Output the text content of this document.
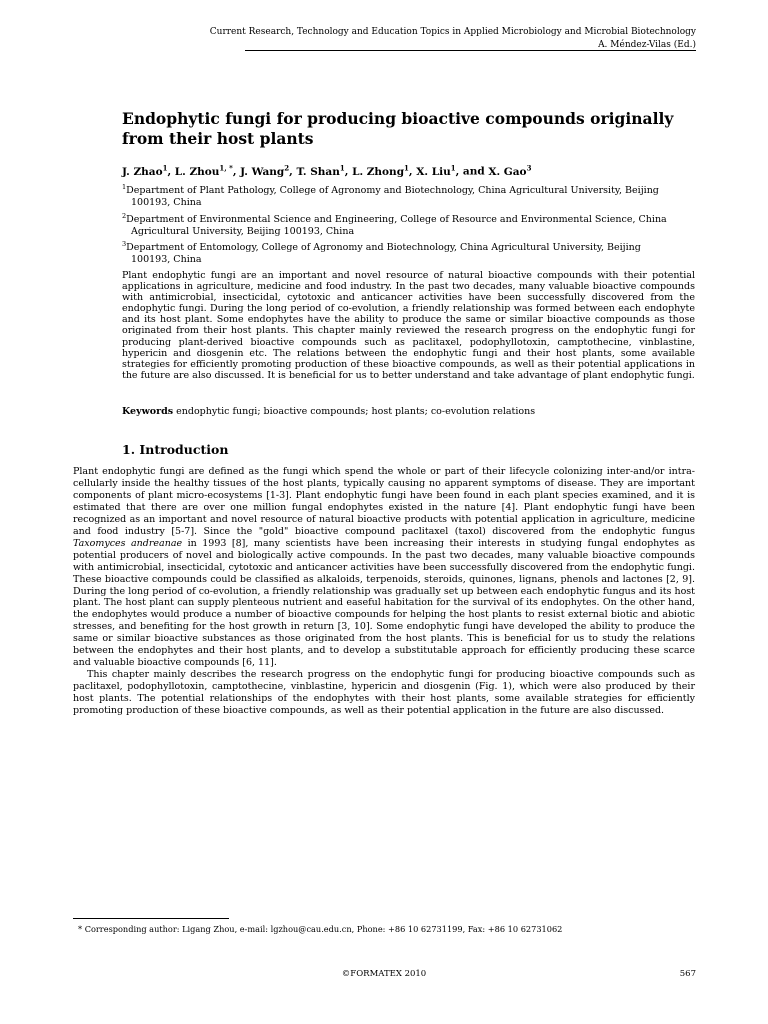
Current Research, Technology and Education Topics in Applied Microbiology and Microbial Biotechnology
A. Méndez-Vilas (Ed.)
Endophytic fungi for producing bioactive compounds originally from their host plants
J. Zhao$^1$, L. Zhou$^{1, *}$, J. Wang$^2$, T. Shan$^1$, L. Zhong$^1$, X. Liu$^1$, and X. Gao$^3$
$^1$Department of Plant Pathology, College of Agronomy and Biotechnology, China Agricultural University, Beijing 100193, China
$^2$Department of Environmental Science and Engineering, College of Resource and Environmental Science, China Agricultural University, Beijing 100193, China
$^3$Department of Entomology, College of Agronomy and Biotechnology, China Agricultural University, Beijing 100193, China
Plant endophytic fungi are an important and novel resource of natural bioactive compounds with their potential applications in agriculture, medicine and food industry. In the past two decades, many valuable bioactive compounds with antimicrobial, insecticidal, cytotoxic and anticancer activities have been successfully discovered from the endophytic fungi. During the long period of co-evolution, a friendly relationship was formed between each endophyte and its host plant. Some endophytes have the ability to produce the same or similar bioactive compounds as those originated from their host plants. This chapter mainly reviewed the research progress on the endophytic fungi for producing plant-derived bioactive compounds such as paclitaxel, podophyllotoxin, camptothecine, vinblastine, hypericin and diosgenin etc. The relations between the endophytic fungi and their host plants, some available strategies for efficiently promoting production of these bioactive compounds, as well as their potential applications in the future are also discussed. It is beneficial for us to better understand and take advantage of plant endophytic fungi.
Keywords endophytic fungi; bioactive compounds; host plants; co-evolution relations
1. Introduction

Plant endophytic fungi are defined as the fungi which spend the whole or part of their lifecycle colonizing inter-and/or intra-cellularly inside the healthy tissues of the host plants, typically causing no apparent symptoms of disease. They are important components of plant micro-ecosystems [1-3]. Plant endophytic fungi have been found in each plant species examined, and it is estimated that there are over one million fungal endophytes existed in the nature [4]. Plant endophytic fungi have been recognized as an important and novel resource of natural bioactive products with potential application in agriculture, medicine and food industry [5-7]. Since the "gold" bioactive compound paclitaxel (taxol) discovered from the endophytic fungus Taxomyces andreanae in 1993 [8], many scientists have been increasing their interests in studying fungal endophytes as potential producers of novel and biologically active compounds. In the past two decades, many valuable bioactive compounds with antimicrobial, insecticidal, cytotoxic and anticancer activities have been successfully discovered from the endophytic fungi. These bioactive compounds could be classified as alkaloids, terpenoids, steroids, quinones, lignans, phenols and lactones [2, 9]. During the long period of co-evolution, a friendly relationship was gradually set up between each endophytic fungus and its host plant. The host plant can supply plenteous nutrient and easeful habitation for the survival of its endophytes. On the other hand, the endophytes would produce a number of bioactive compounds for helping the host plants to resist external biotic and abiotic stresses, and benefiting for the host growth in return [3, 10]. Some endophytic fungi have developed the ability to produce the same or similar bioactive substances as those originated from the host plants. This is beneficial for us to study the relations between the endophytes and their host plants, and to develop a substitutable approach for efficiently producing these scarce and valuable bioactive compounds [6, 11].

This chapter mainly describes the research progress on the endophytic fungi for producing bioactive compounds such as paclitaxel, podophyllotoxin, camptothecine, vinblastine, hypericin and diosgenin (Fig. 1), which were also produced by their host plants. The potential relationships of the endophytes with their host plants, some available strategies for efficiently promoting production of these bioactive compounds, as well as their potential application in the future are also discussed.

* Corresponding author: Ligang Zhou, e-mail: lgzhou@cau.edu.cn, Phone: +86 10 62731199, Fax: +86 10 62731062
©FORMATEX 2010	567
